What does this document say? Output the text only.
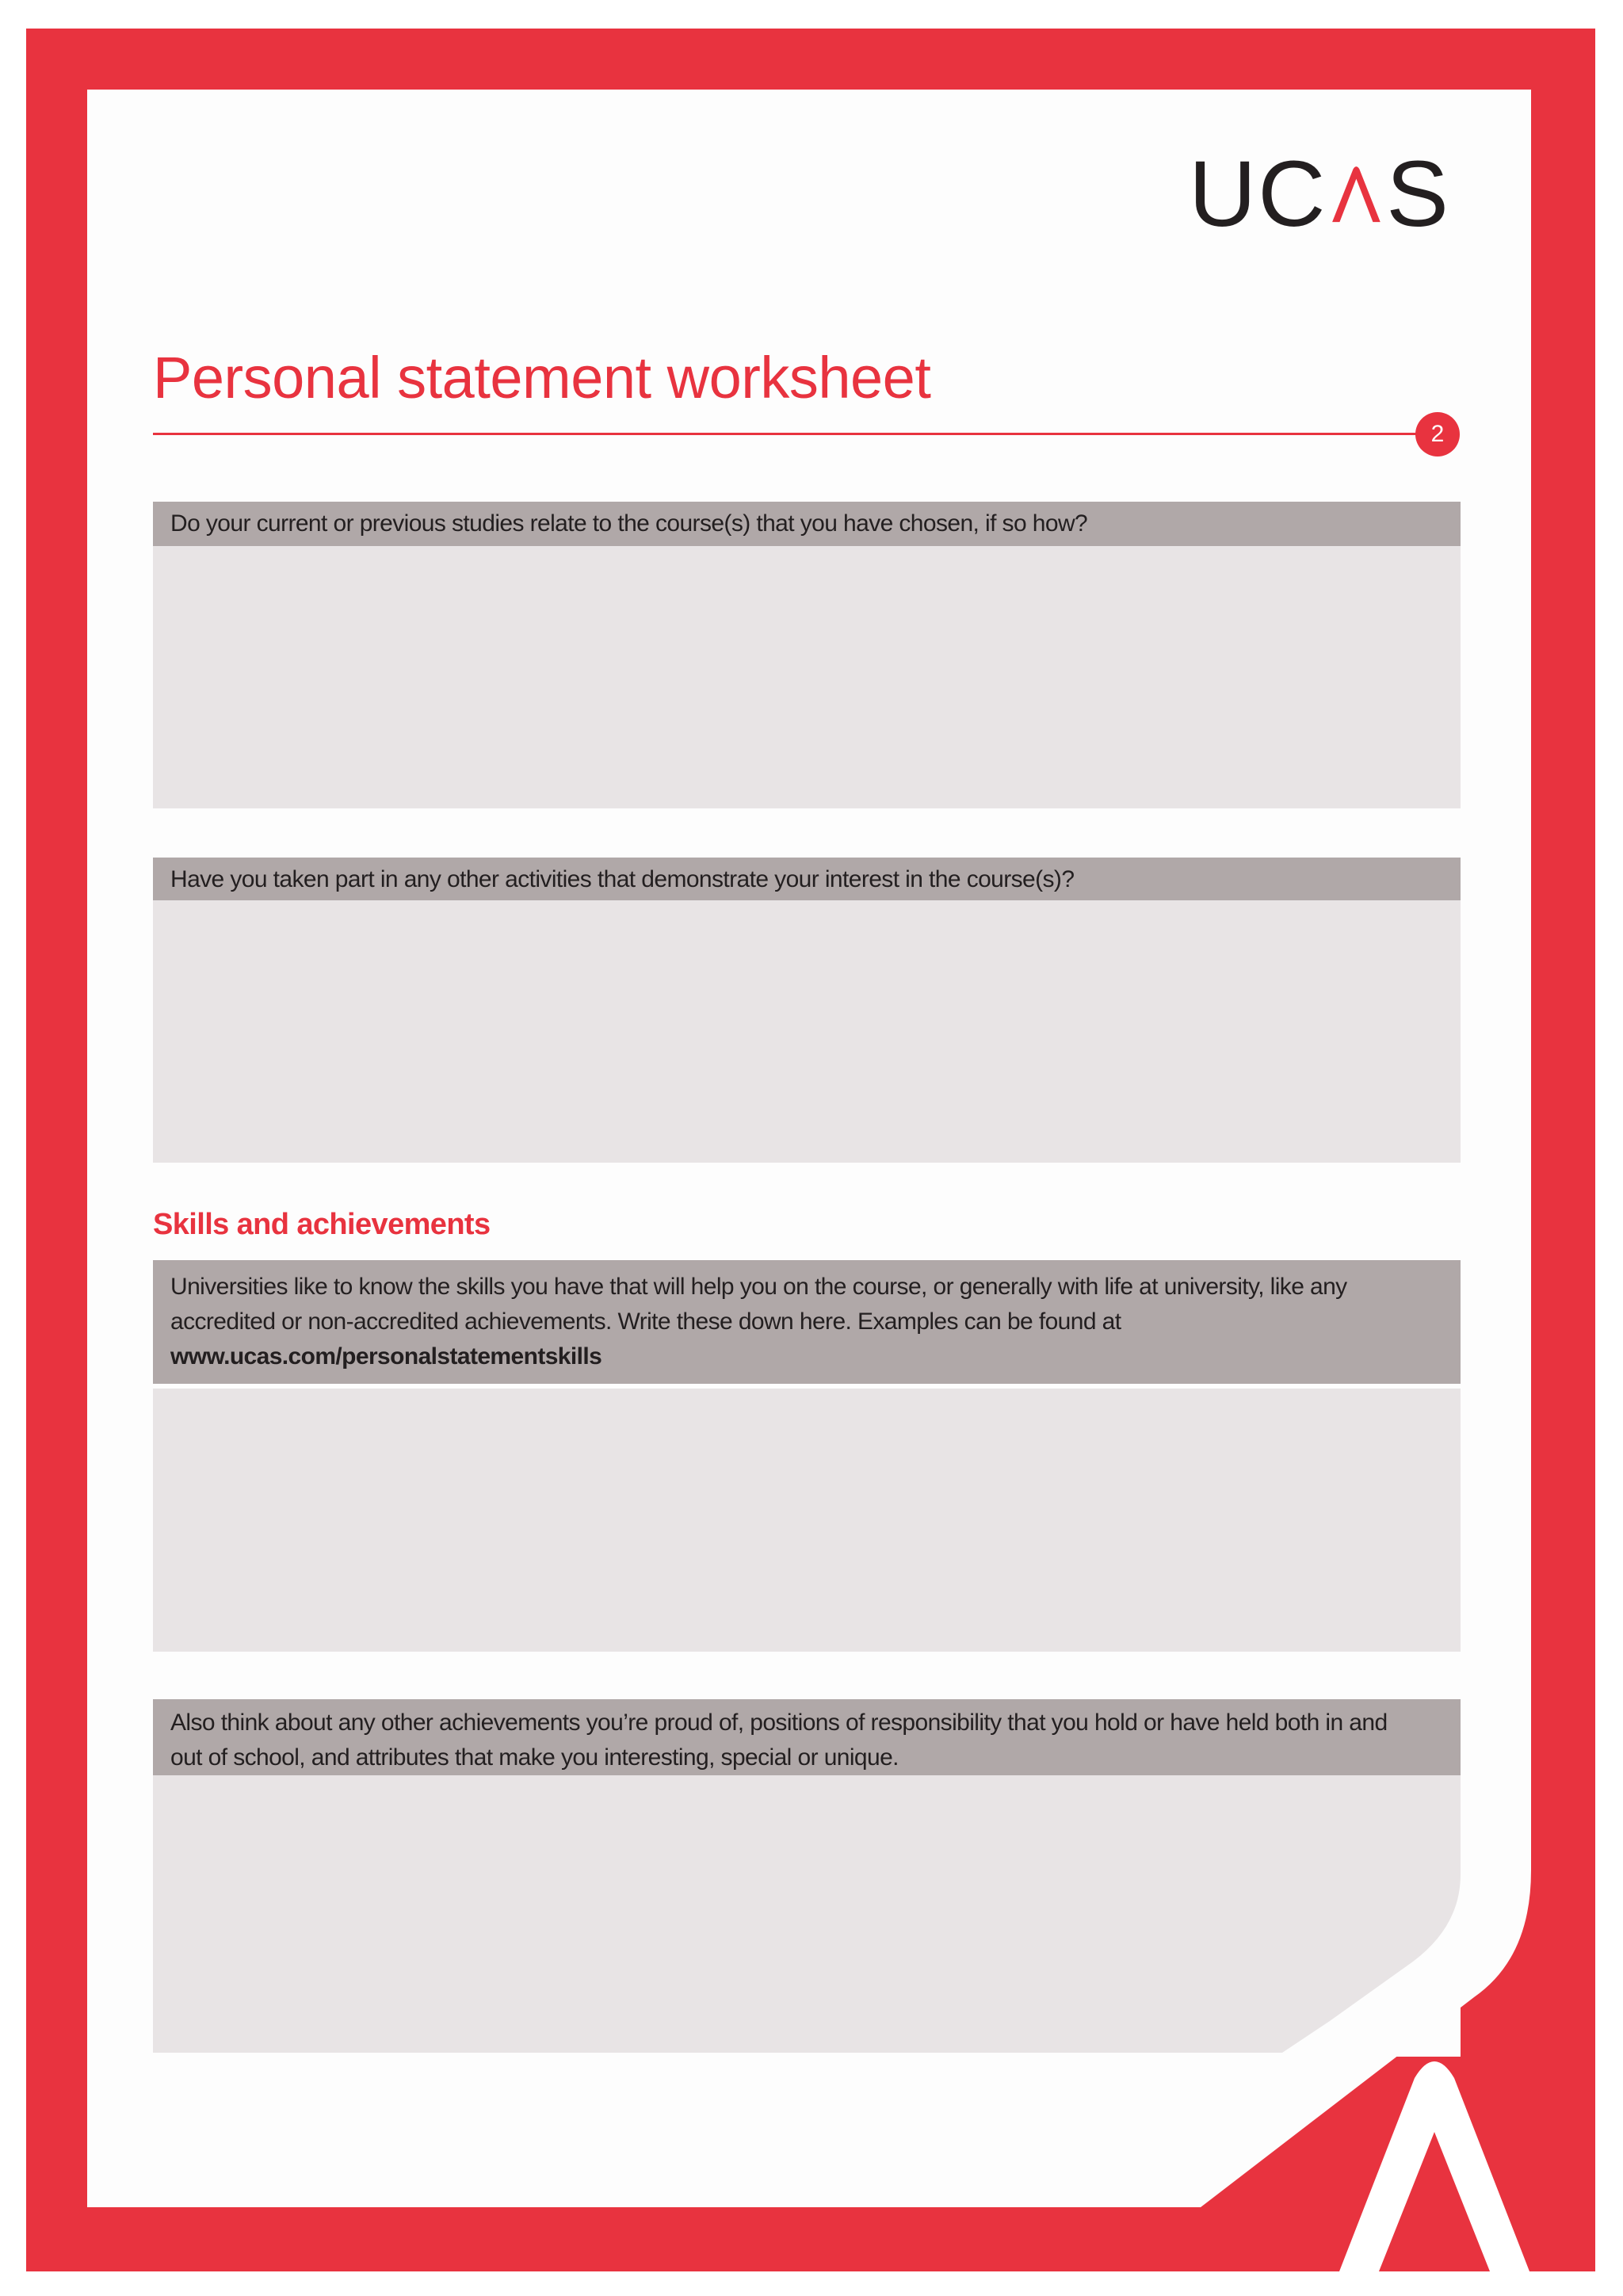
UC S
Personal statement worksheet
2
Do your current or previous studies relate to the course(s) that you have chosen, if so how?
Have you taken part in any other activities that demonstrate your interest in the course(s)?
Skills and achievements
Universities like to know the skills you have that will help you on the course, or generally with life at university, like any
accredited or non-accredited achievements. Write these down here. Examples can be found at
www.ucas.com/personalstatementskills
Also think about any other achievements you’re proud of, positions of responsibility that you hold or have held both in and
out of school, and attributes that make you interesting, special or unique.
